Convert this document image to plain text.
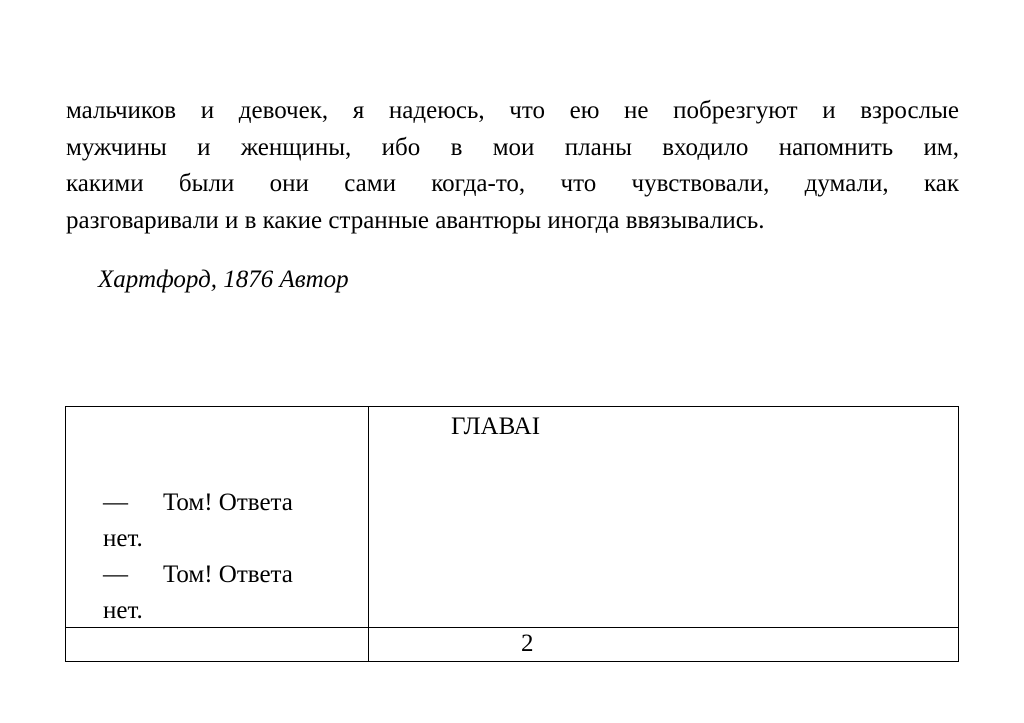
мальчиков и девочек, я надеюсь, что ею не побрезгуют и взрослые
мужчины и женщины, ибо в мои планы входило напомнить им,
какими были они сами когда-то, что чувствовали, думали, как
разговаривали и в какие странные авантюры иногда ввязывались.
Хартфорд, 1876 Автор
ГЛАВАI
— Том! Ответа
нет.
— Том! Ответа
нет.
2
